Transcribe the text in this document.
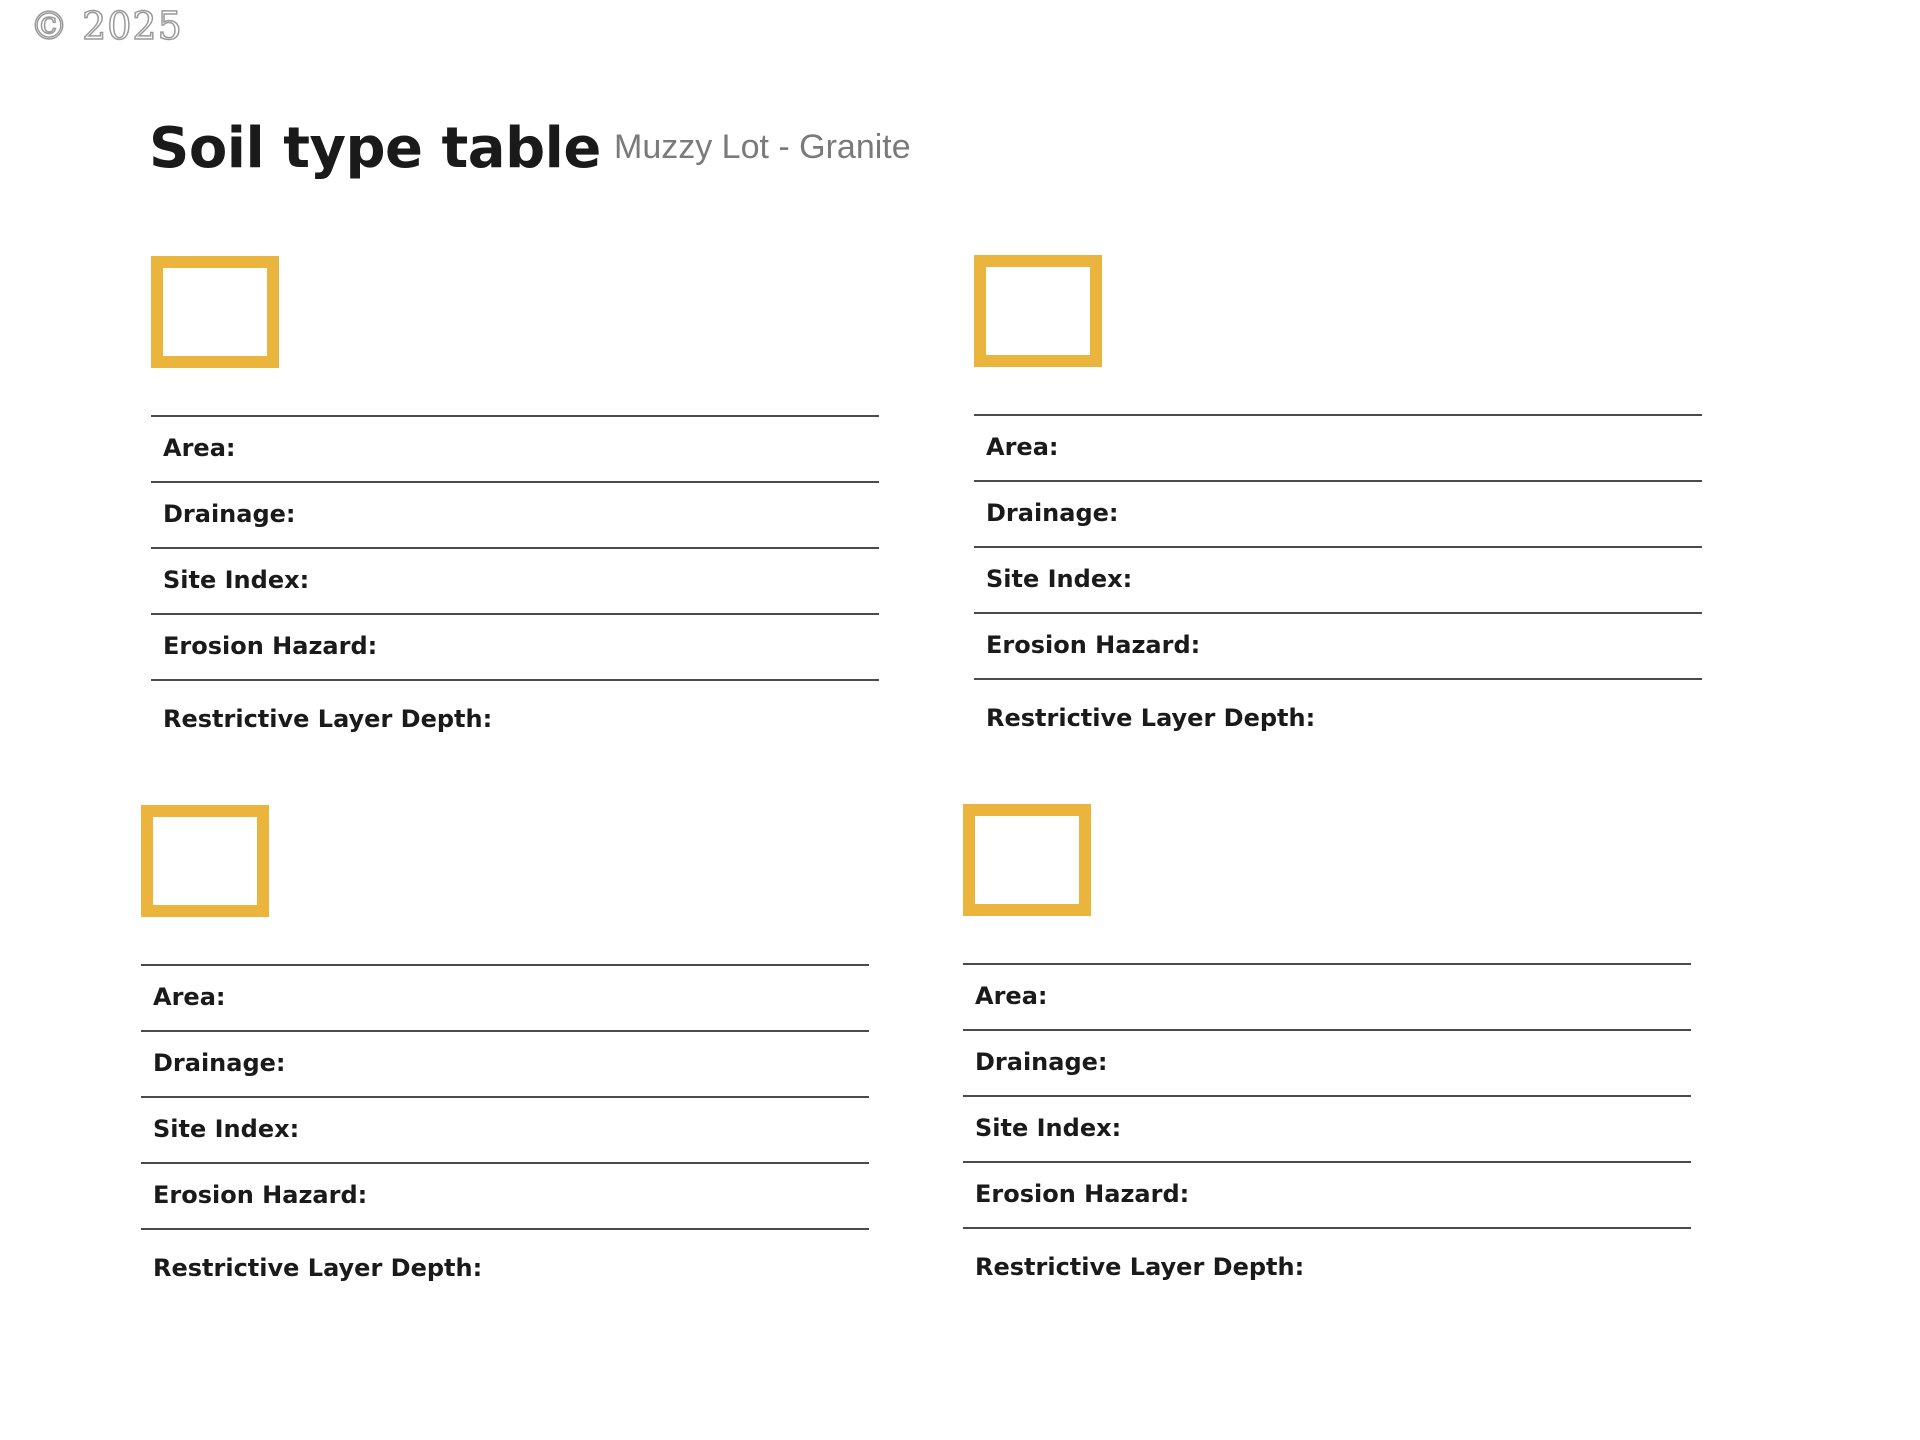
© 2025
Soil type table Muzzy Lot - Granite
Area:
Drainage:
Site Index:
Erosion Hazard:
Restrictive Layer Depth:
Area:
Drainage:
Site Index:
Erosion Hazard:
Restrictive Layer Depth:
Area:
Drainage:
Site Index:
Erosion Hazard:
Restrictive Layer Depth:
Area:
Drainage:
Site Index:
Erosion Hazard:
Restrictive Layer Depth:
